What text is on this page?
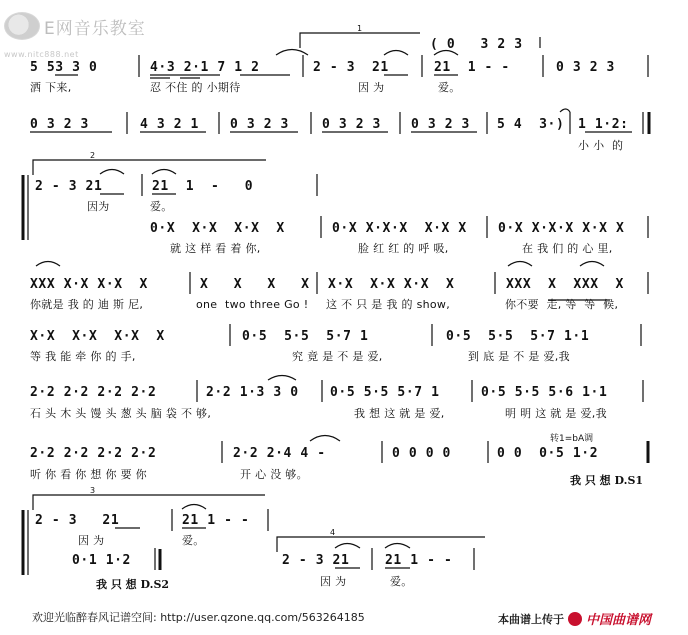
E网音乐教室
www.nitc888.net
1
2
3
4
( 0   3 2 3
5 53 3 0	4·3 2·1 7 1 2	2 - 3  21	21  1 - -	0 3 2 3
洒 下来,	忍 不住 的 小期待	因 为	爱。
0 3 2 3	4 3 2 1 0 3 2 3	0 3 2 3 0 3 2 3 5 4  3·) 1 1·2:
小 小  的
2 - 3 21	21  1  -   0
因为	爱。
0·X  X·X  X·X  X	0·X X·X·X  X·X X 0·X X·X·X X·X X
就 这 样 看 着 你,	脸 红 红 的 呼 吸,	在 我 们 的 心 里,
XXX X·X X·X  X	X   X   X   X X·X  X·X X·X  X	XXX  X  XXX  X
你就是 我 的 迪 斯 尼,	one  two three Go ! 这 不 只 是 我 的 show,	你不要  走, 等  等  候,
X·X  X·X  X·X  X	0·5  5·5  5·7 1	0·5  5·5  5·7 1·1
等 我 能 牵 你 的 手,	究 竟 是 不 是 爱,	到 底 是 不 是 爱,我
2·2 2·2 2·2 2·2	2·2 1·3 3 0 0·5 5·5 5·7 1	0·5 5·5 5·6 1·1
石 头 木 头 馒 头 葱 头 脑 袋 不 够,	我 想 这 就 是 爱,	明 明 这 就 是 爱,我
转1=bA调
2·2 2·2 2·2 2·2	2·2 2·4 4 -	0 0 0 0	0 0  0·5 1·2
听 你 看 你 想 你 要 你	开 心 没 够。	我 只 想 D.S1
2 - 3   21	21 1 - -
因 为	爱。
0·1 1·2	2 - 3 21	21 1 - -
我 只 想 D.S2	因 为	爱。
欢迎光临醉春风记谱空间: http://user.qzone.qq.com/563264185	本曲谱上传于 中国曲谱网
